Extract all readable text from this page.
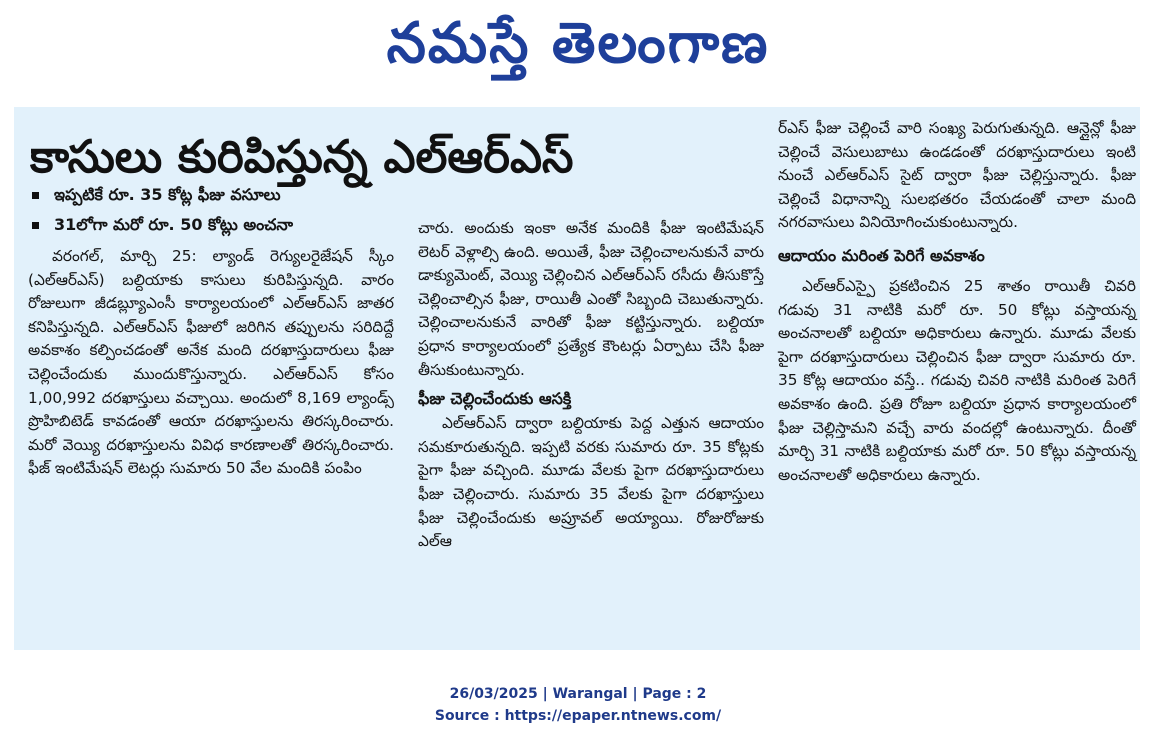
నమస్తే తెలంగాణ
కాసులు కురిపిస్తున్న ఎల్ఆర్ఎస్
ఇప్పటికే రూ. 35 కోట్ల ఫీజు వసూలు
31లోగా మరో రూ. 50 కోట్లు అంచనా

వరంగల్, మార్చి 25: ల్యాండ్ రెగ్యులరైజేషన్ స్కీం (ఎల్ఆర్ఎస్) బల్దియాకు కాసులు కురిపిస్తున్నది. వారం రోజులుగా జీడబ్ల్యూఎంసీ కార్యాలయంలో ఎల్ఆర్ఎస్ జాతర కనిపిస్తున్నది. ఎల్ఆర్ఎస్ ఫీజులో జరిగిన తప్పులను సరిదిద్దే అవకాశం కల్పించడంతో అనేక మంది దరఖాస్తుదారులు ఫీజు చెల్లించేందుకు ముందుకొస్తున్నారు. ఎల్ఆర్ఎస్ కోసం 1,00,992 దరఖాస్తులు వచ్చాయి. అందులో 8,169 ల్యాండ్స్ ప్రొహిబిటెడ్ కావడంతో ఆయా దరఖాస్తులను తిరస్కరించారు. మరో వెయ్యి దరఖాస్తులను వివిధ కారణాలతో తిరస్కరించారు. ఫీజ్ ఇంటిమేషన్ లెటర్లు సుమారు 50 వేల మందికి పంపిం

చారు. అందుకు ఇంకా అనేక మందికి ఫీజు ఇంటిమేషన్ లెటర్ వెళ్లాల్సి ఉంది. అయితే, ఫీజు చెల్లించాలనుకునే వారు డాక్యుమెంట్, వెయ్యి చెల్లించిన ఎల్ఆర్ఎస్ రసీదు తీసుకొస్తే చెల్లించాల్సిన ఫీజు, రాయితీ ఎంతో సిబ్బంది చెబుతున్నారు. చెల్లించాలనుకునే వారితో ఫీజు కట్టిస్తున్నారు. బల్దియా ప్రధాన కార్యాలయంలో ప్రత్యేక కౌంటర్లు ఏర్పాటు చేసి ఫీజు తీసుకుంటున్నారు.

ఫీజు చెల్లించేందుకు ఆసక్తి

ఎల్ఆర్ఎస్ ద్వారా బల్దియాకు పెద్ద ఎత్తున ఆదాయం సమకూరుతున్నది. ఇప్పటి వరకు సుమారు రూ. 35 కోట్లకు పైగా ఫీజు వచ్చింది. మూడు వేలకు పైగా దరఖాస్తుదారులు ఫీజు చెల్లించారు. సుమారు 35 వేలకు పైగా దరఖాస్తులు ఫీజు చెల్లించేందుకు అప్రూవల్ అయ్యాయి. రోజురోజుకు ఎల్ఆ

ర్ఎస్ ఫీజు చెల్లించే వారి సంఖ్య పెరుగుతున్నది. ఆన్లైన్లో ఫీజు చెల్లించే వెసులుబాటు ఉండడంతో దరఖాస్తుదారులు ఇంటి నుంచే ఎల్ఆర్ఎస్ సైట్ ద్వారా ఫీజు చెల్లిస్తున్నారు. ఫీజు చెల్లించే విధానాన్ని సులభతరం చేయడంతో చాలా మంది నగరవాసులు వినియోగించుకుంటున్నారు.

ఆదాయం మరింత పెరిగే అవకాశం

ఎల్ఆర్ఎస్పై ప్రకటించిన 25 శాతం రాయితీ చివరి గడువు 31 నాటికి మరో రూ. 50 కోట్లు వస్తాయన్న అంచనాలతో బల్దియా అధికారులు ఉన్నారు. మూడు వేలకు పైగా దరఖాస్తుదారులు చెల్లించిన ఫీజు ద్వారా సుమారు రూ. 35 కోట్ల ఆదాయం వస్తే.. గడువు చివరి నాటికి మరింత పెరిగే అవకాశం ఉంది. ప్రతి రోజూ బల్దియా ప్రధాన కార్యాలయంలో ఫీజు చెల్లిస్తామని వచ్చే వారు వందల్లో ఉంటున్నారు. దీంతో మార్చి 31 నాటికి బల్దియాకు మరో రూ. 50 కోట్లు వస్తాయన్న అంచనాలతో అధికారులు ఉన్నారు.

26/03/2025 | Warangal | Page : 2
Source : https://epaper.ntnews.com/
